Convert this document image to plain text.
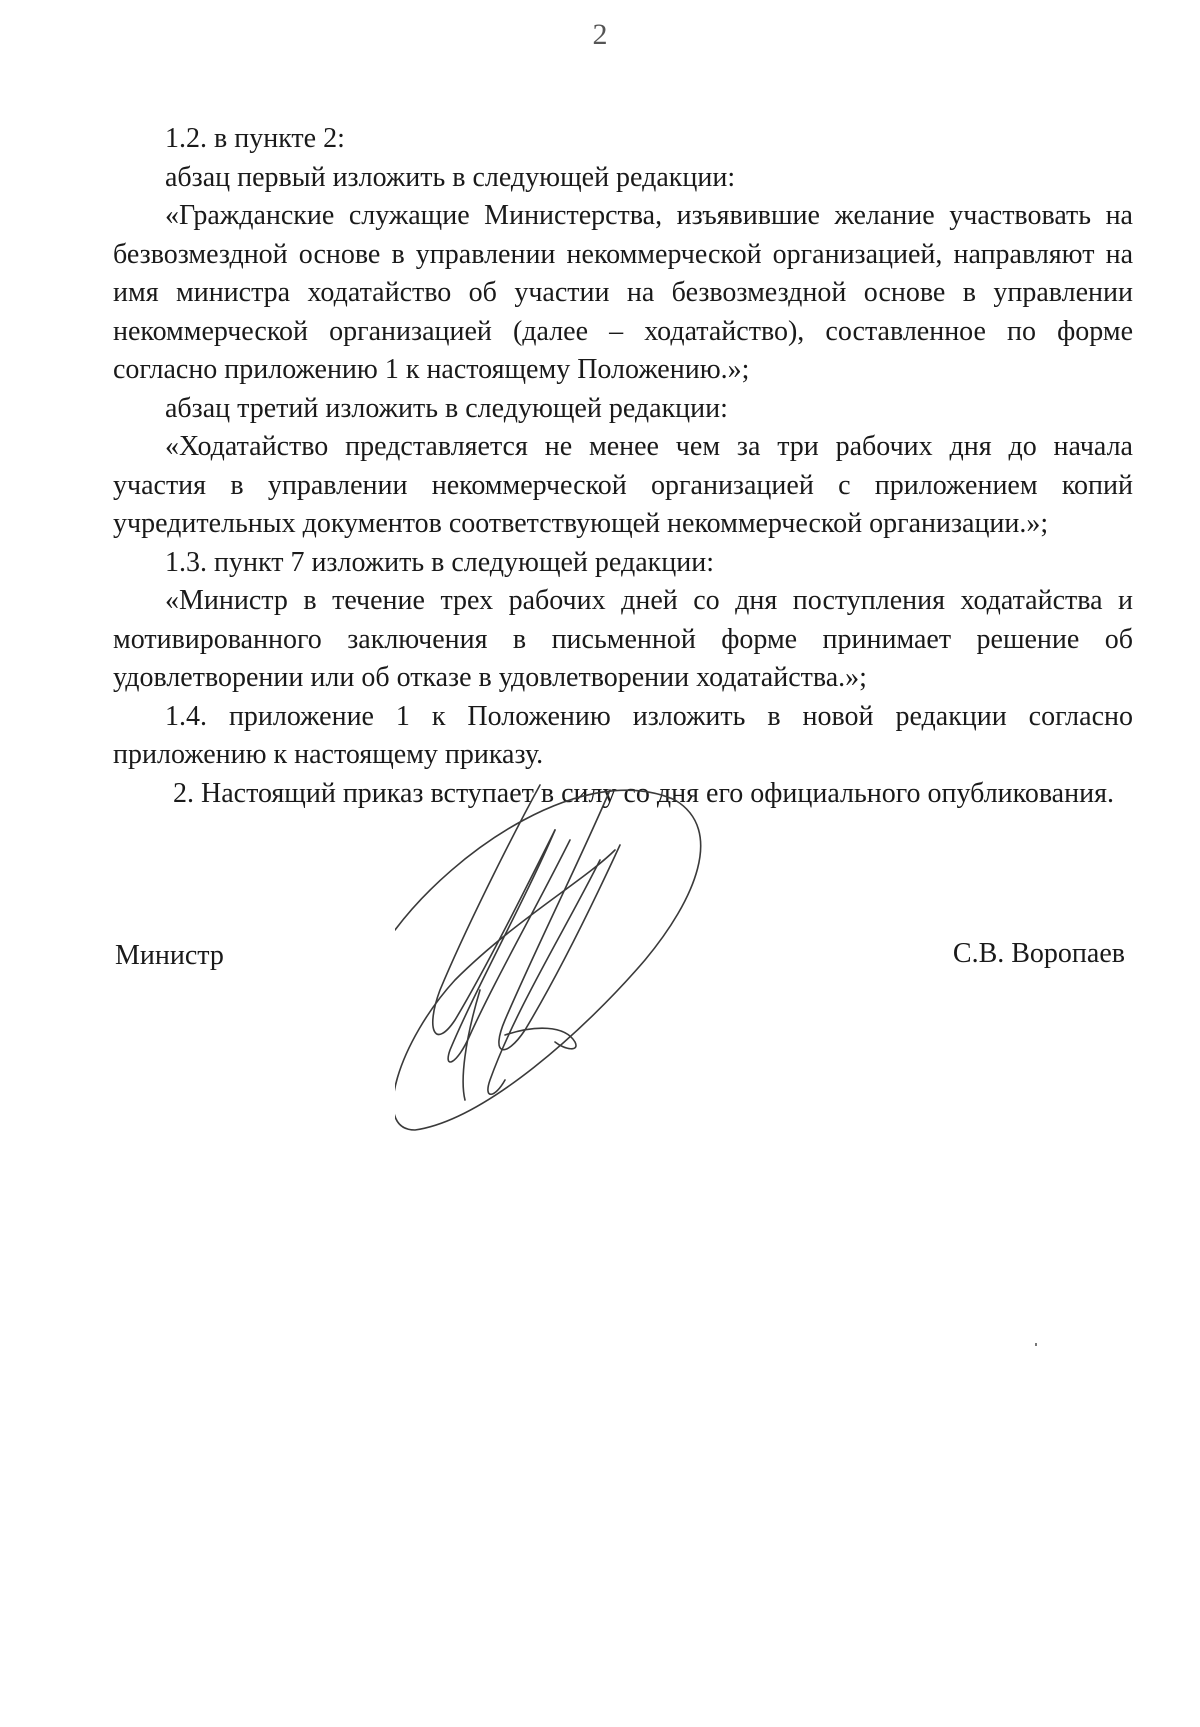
2

1.2. в пункте 2:

абзац первый изложить в следующей редакции:

«Гражданские служащие Министерства, изъявившие желание участвовать на безвозмездной основе в управлении некоммерческой организацией, направляют на имя министра ходатайство об участии на безвозмездной основе в управлении некоммерческой организацией (далее – ходатайство), составленное по форме согласно приложению 1 к настоящему Положению.»;

абзац третий изложить в следующей редакции:

«Ходатайство представляется не менее чем за три рабочих дня до начала участия в управлении некоммерческой организацией с приложением копий учредительных документов соответствующей некоммерческой организации.»;

1.3. пункт 7 изложить в следующей редакции:

«Министр в течение трех рабочих дней со дня поступления ходатайства и мотивированного заключения в письменной форме принимает решение об удовлетворении или об отказе в удовлетворении ходатайства.»;

1.4. приложение 1 к Положению изложить в новой редакции согласно приложению к настоящему приказу.

2. Настоящий приказ вступает в силу со дня его официального опубликования.

Министр	С.В. Воропаев
